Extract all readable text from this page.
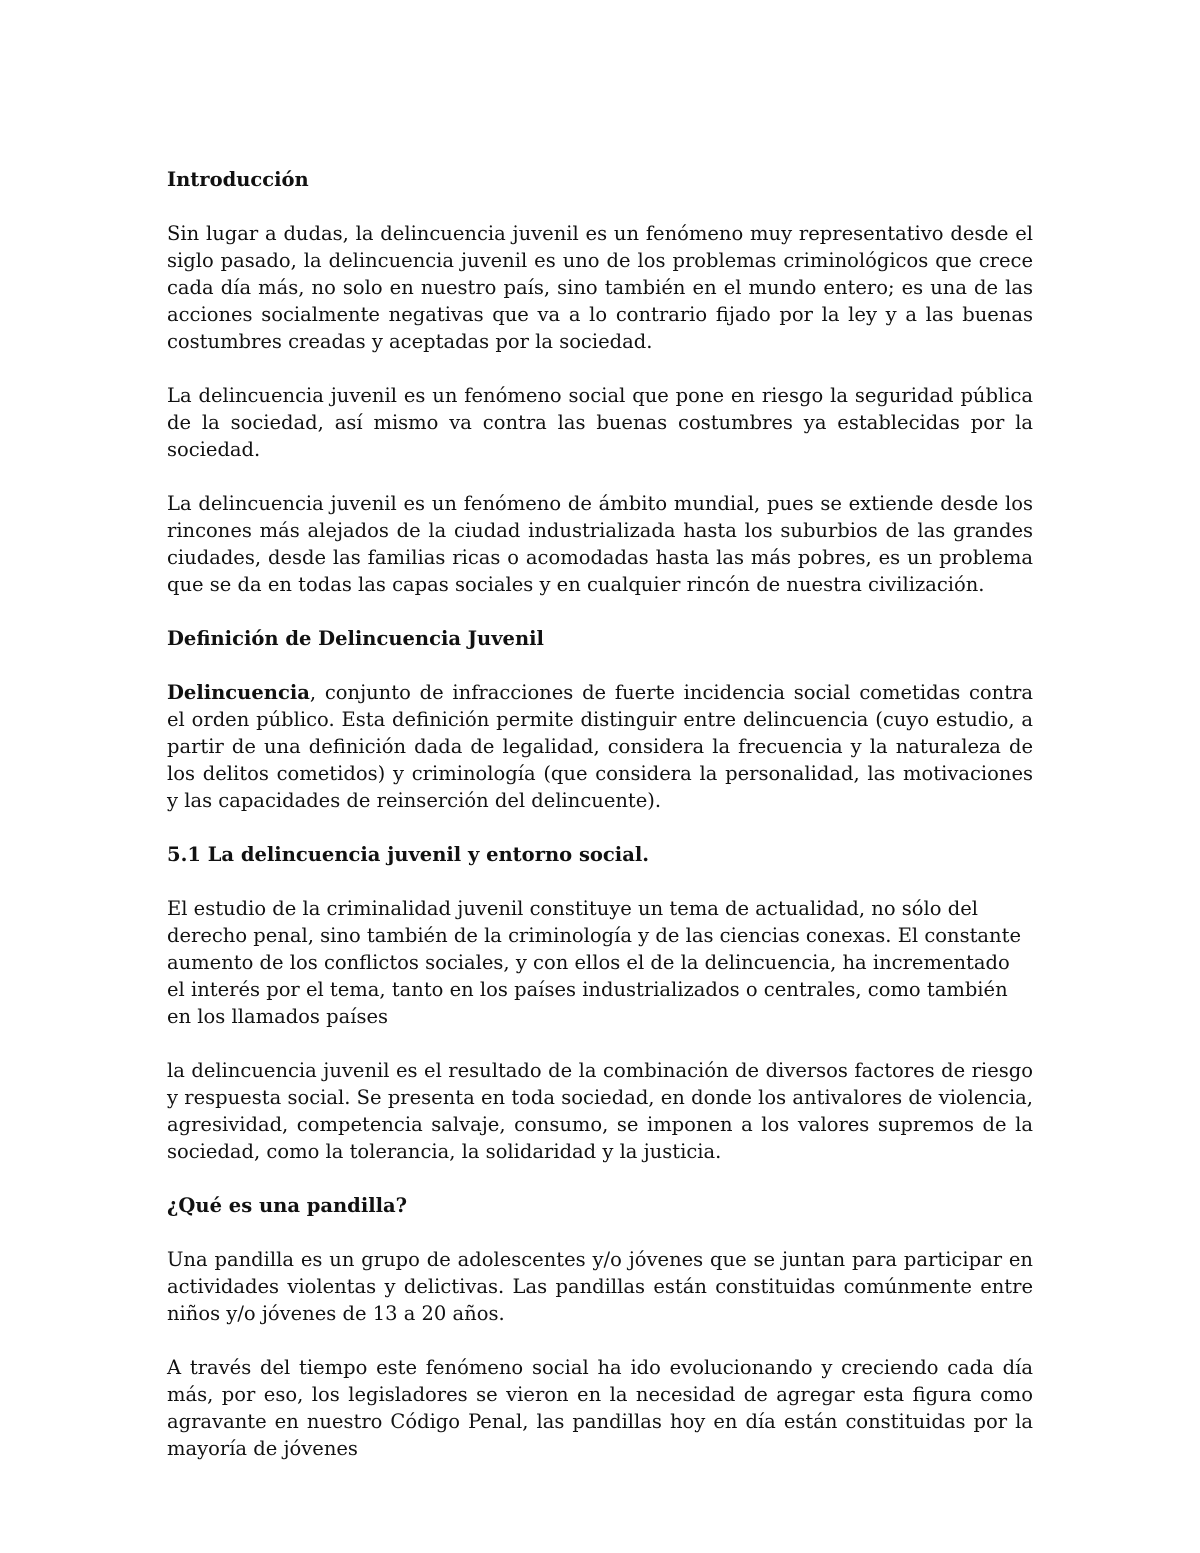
Introducción

Sin lugar a dudas, la delincuencia juvenil es un fenómeno muy representativo desde el siglo pasado, la delincuencia juvenil es uno de los problemas criminológicos que crece cada día más, no solo en nuestro país, sino también en el mundo entero; es una de las acciones socialmente negativas que va a lo contrario fijado por la ley y a las buenas costumbres creadas y aceptadas por la sociedad.

La delincuencia juvenil es un fenómeno social que pone en riesgo la seguridad pública de la sociedad, así mismo va contra las buenas costumbres ya establecidas por la sociedad.

La delincuencia juvenil es un fenómeno de ámbito mundial, pues se extiende desde los rincones más alejados de la ciudad industrializada hasta los suburbios de las grandes ciudades, desde las familias ricas o acomodadas hasta las más pobres, es un problema que se da en todas las capas sociales y en cualquier rincón de nuestra civilización.

Definición de Delincuencia Juvenil

Delincuencia, conjunto de infracciones de fuerte incidencia social cometidas contra el orden público. Esta definición permite distinguir entre delincuencia (cuyo estudio, a partir de una definición dada de legalidad, considera la frecuencia y la naturaleza de los delitos cometidos) y criminología (que considera la personalidad, las motivaciones y las capacidades de reinserción del delincuente).

5.1 La delincuencia juvenil y entorno social.

El estudio de la criminalidad juvenil constituye un tema de actualidad, no sólo del derecho penal, sino también de la criminología y de las ciencias conexas. El constante aumento de los conflictos sociales, y con ellos el de la delincuencia, ha incrementado el interés por el tema, tanto en los países industrializados o centrales, como también en los llamados países

la delincuencia juvenil es el resultado de la combinación de diversos factores de riesgo y respuesta social. Se presenta en toda sociedad, en donde los antivalores de violencia, agresividad, competencia salvaje, consumo, se imponen a los valores supremos de la sociedad, como la tolerancia, la solidaridad y la justicia.

¿Qué es una pandilla?

Una pandilla es un grupo de adolescentes y/o jóvenes que se juntan para participar en actividades violentas y delictivas. Las pandillas están constituidas comúnmente entre niños y/o jóvenes de 13 a 20 años.

A través del tiempo este fenómeno social ha ido evolucionando y creciendo cada día más, por eso, los legisladores se vieron en la necesidad de agregar esta figura como agravante en nuestro Código Penal, las pandillas hoy en día están constituidas por la mayoría de jóvenes
